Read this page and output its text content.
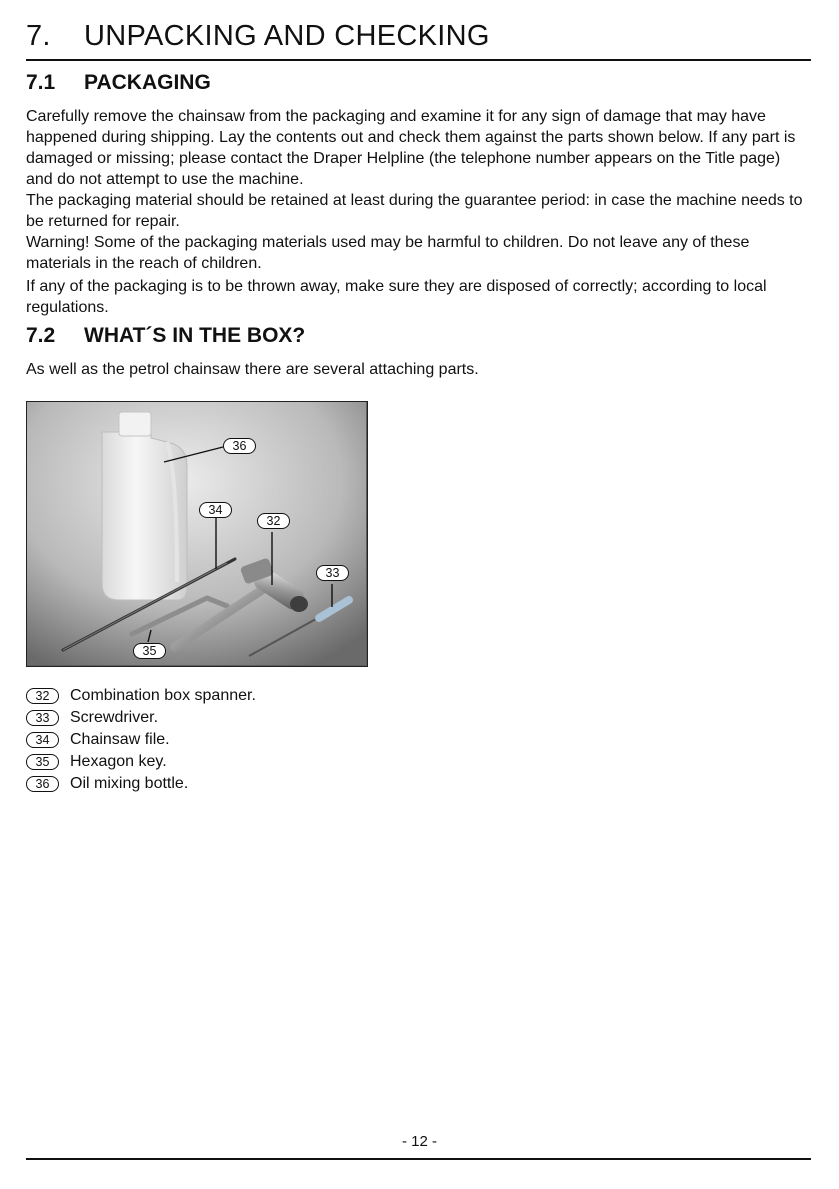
7.	UNPACKING AND CHECKING
7.1	PACKAGING

Carefully remove the chainsaw from the packaging and examine it for any sign of damage that may have happened during shipping. Lay the contents out and check them against the parts shown below. If any part is damaged or missing; please contact the Draper Helpline (the telephone number appears on the Title page) and do not attempt to use the machine.

The packaging material should be retained at least during the guarantee period: in case the machine needs to be returned for repair.

Warning! Some of the packaging materials used may be harmful to children. Do not leave any of these materials in the reach of children.

If any of the packaging is to be thrown away, make sure they are disposed of correctly; according to local regulations.

7.2	WHAT´S IN THE BOX?

As well as the petrol chainsaw there are several attaching parts.

36
34
32
33
35
32	Combination box spanner.
33	Screwdriver.
34	Chainsaw file.
35	Hexagon key.
36	Oil mixing bottle.
- 12 -
